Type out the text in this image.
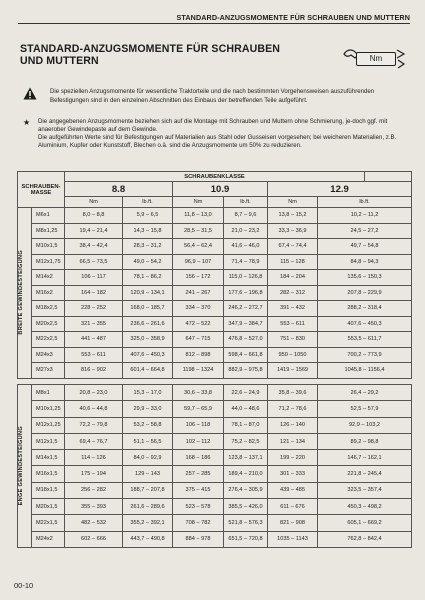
STANDARD-ANZUGSMOMENTE FÜR SCHRAUBEN UND MUTTERN
STANDARD-ANZUGSMOMENTE FÜR SCHRAUBEN
UND MUTTERN	Nm
Die speziellen Anzugsmomente für wesentliche Traktorteile und die nach bestimmten Vorgehensweisen auszuführenden Befestigungen sind in den einzelnen Abschnitten des Einbaus der betreffenden Teile aufgeführt.
★ Die angegebenen Anzugsmomente beziehen sich auf die Montage mit Schrauben und Muttern ohne Schmierung, je-doch ggf. mit anaerober Gewindepaste auf dem Gewinde.

Die aufgeführten Werte sind für Befestigungen auf Materialien aus Stahl oder Gusseisen vorgesehen; bei weicheren Materialien, z.B. Aluminium, Kupfer oder Kunststoff, Blechen o.ä. sind die Anzugsmomente um 50% zu reduzieren.

SCHRAUBEN-MASSE		SCHRAUBENKLASSE						
		8.8		10.9		12.9		
		Nm	lb.ft.	Nm	lb.ft.	Nm	lb.ft.	

BREITE GEWINDESTEIGUNG	M6x1	8,0 – 8,8	5,9 – 6,5	11,8 – 13,0	8,7 – 9,6	13,8 – 15,2	10,2 – 11,2	
	M8x1,25	19,4 – 21,4	14,3 – 15,8	28,5 – 31,5	21,0 – 23,2	33,3 – 36,9	24,5 – 27,2	
	M10x1,5	38,4 – 42,4	28,3 – 31,2	56,4 – 62,4	41,6 – 46,0	67,4 – 74,4	49,7 – 54,8	
	M12x1,75	66,5 – 73,5	49,0 – 54,2	96,9 – 107	71,4 – 78,9	115 – 128	84,8 – 94,3	
	M14x2	106 – 117	78,1 – 86,2	156 – 172	115,0 – 126,8	184 – 204	135,6 – 150,3	
	M16x2	164 – 182	120,9 – 134,1	241 – 267	177,6 – 196,8	282 – 312	207,8 – 229,9	
	M18x2,5	228 – 252	168,0 – 185,7	334 – 370	246,2 – 272,7	391 – 432	288,2 – 318,4	
	M20x2,5	321 – 355	236,6 – 261,6	472 – 522	347,9 – 384,7	553 – 611	407,6 – 450,3	
	M22x2,5	441 – 487	325,0 – 358,9	647 – 715	476,8 – 527,0	751 – 830	553,5 – 611,7	
	M24x3	553 – 611	407,6 – 450,3	812 – 898	598,4 – 661,8	950 – 1050	700,2 – 773,9	
	M27x3	816 – 902	601,4 – 664,8	1198 – 1324	882,9 – 975,8	1419 – 1569	1045,8 – 1156,4	
ENGE GEWINDESTEIGUNG	M8x1	20,8 – 23,0	15,3 – 17,0	30,6 – 33,8	22,6 – 24,9	35,8 – 39,6	26,4 – 29,2
	M10x1,25	40,6 – 44,8	29,9 – 33,0	59,7 – 65,9	44,0 – 48,6	71,2 – 78,6	52,5 – 57,9
	M12x1,25	72,2 – 79,8	53,2 – 58,8	106 – 118	78,1 – 87,0	126 – 140	92,9 – 103,2
	M12x1,5	69,4 – 76,7	51,1 – 56,5	102 – 112	75,2 – 82,5	121 – 134	89,2 – 98,8
	M14x1,5	114 – 126	84,0 – 92,9	168 – 186	123,8 – 137,1	199 – 220	146,7 – 162,1
	M16x1,5	175 – 194	129 – 143	257 – 285	189,4 – 210,0	301 – 333	221,8 – 245,4
	M18x1,5	256 – 282	188,7 – 207,8	375 – 415	276,4 – 305,9	439 – 485	323,5 – 357,4
	M20x1,5	355 – 393	261,6 – 289,6	523 – 578	385,5 – 426,0	611 – 676	450,3 – 498,2
	M22x1,5	482 – 532	355,2 – 392,1	708 – 782	521,8 – 576,3	821 – 908	605,1 – 669,2
	M24x2	602 – 666	443,7 – 490,8	884 – 978	651,5 – 720,8	1035 – 1143	762,8 – 842,4
00-10
